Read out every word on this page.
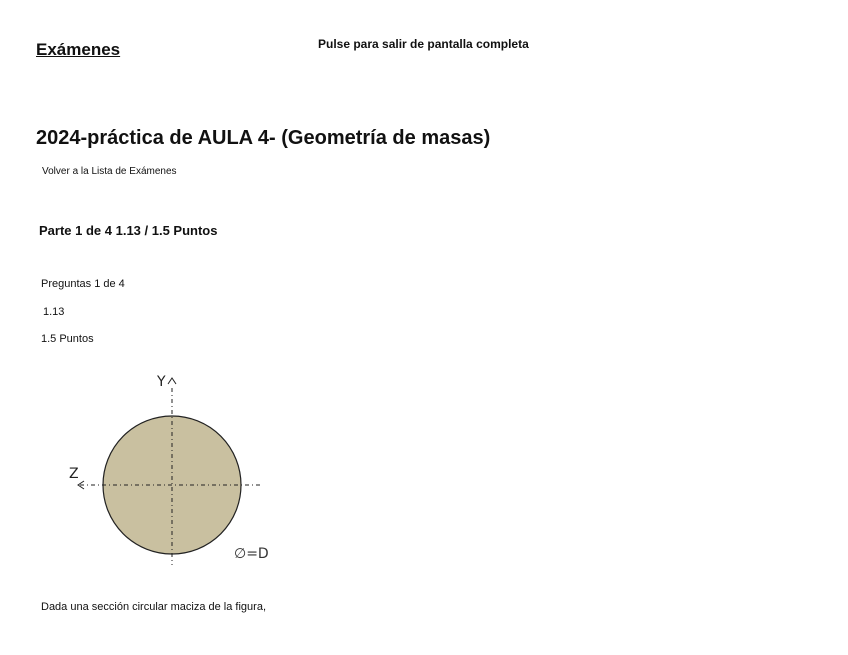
Exámenes	Pulse para salir de pantalla completa
2024-práctica de AULA 4- (Geometría de masas)
Volver a la Lista de Exámenes
Parte 1 de 4 1.13 / 1.5 Puntos
Preguntas 1 de 4
1.13
1.5 Puntos
Y
Z
∅=D
Dada una sección circular maciza de la figura,
